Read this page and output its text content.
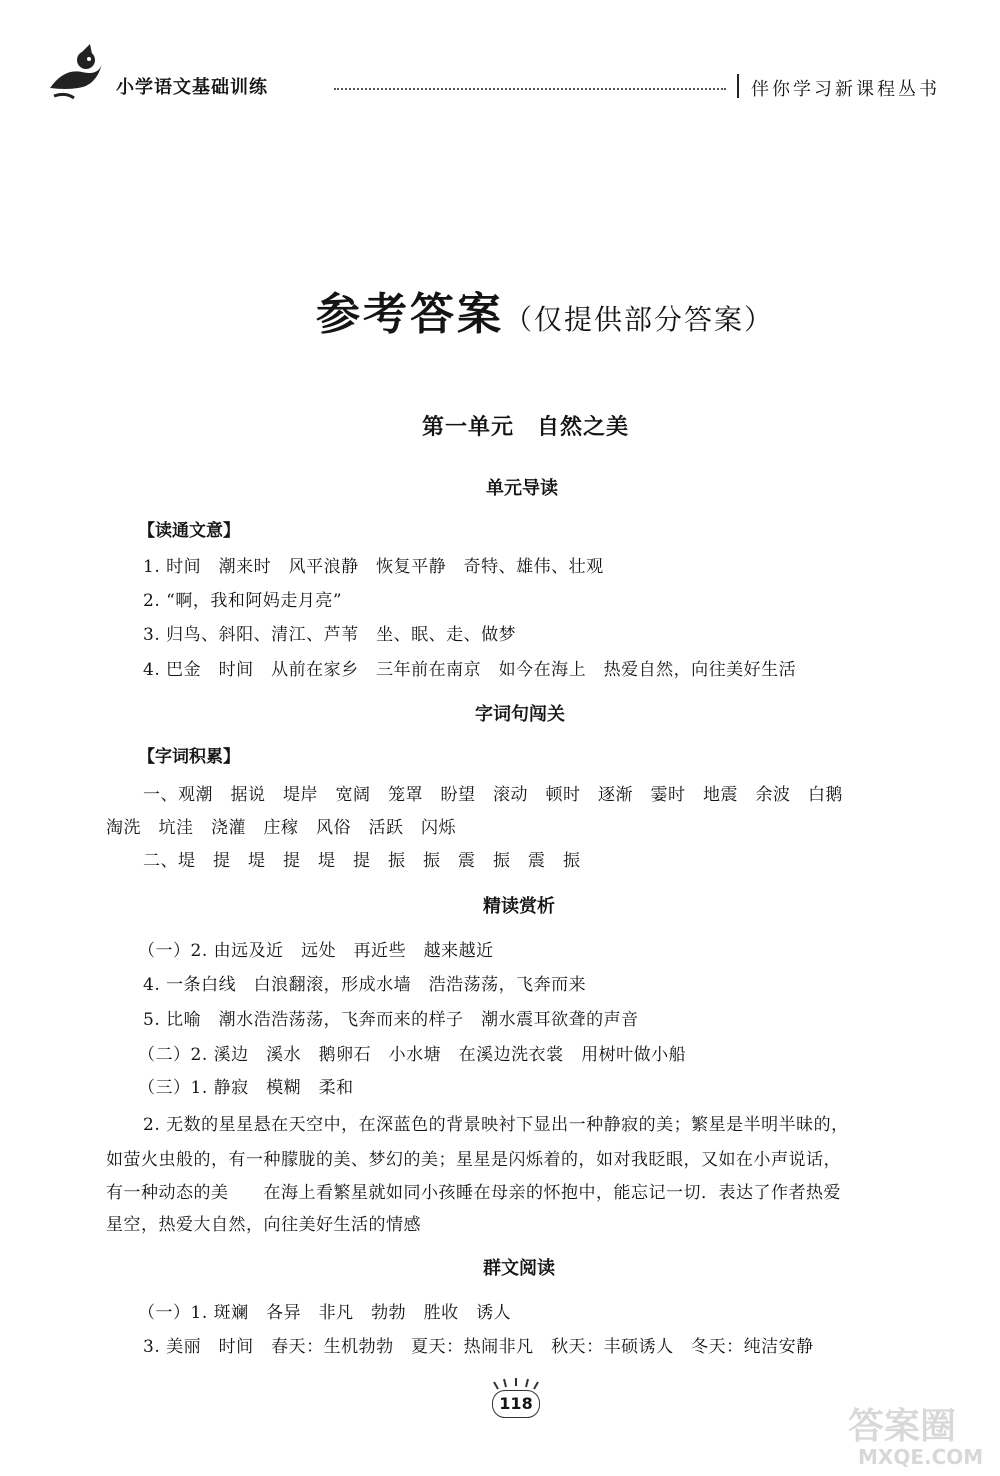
小学语文基础训练	伴你学习新课程丛书
参考答案（仅提供部分答案）
第一单元　自然之美
单元导读
【读通文意】
1. 时间　潮来时　风平浪静　恢复平静　奇特、雄伟、壮观
2. “啊，我和阿妈走月亮”
3. 归鸟、斜阳、清江、芦苇　坐、眠、走、做梦
4. 巴金　时间　从前在家乡　三年前在南京　如今在海上　热爱自然，向往美好生活
字词句闯关
【字词积累】
一、观潮　据说　堤岸　宽阔　笼罩　盼望　滚动　顿时　逐渐　霎时　地震　余波　白鹅
淘洗　坑洼　浇灌　庄稼　风俗　活跃　闪烁
二、堤　提　堤　提　堤　提　振　振　震　振　震　振
精读赏析
（一）2. 由远及近　远处　再近些　越来越近
4. 一条白线　白浪翻滚，形成水墙　浩浩荡荡，飞奔而来
5. 比喻　潮水浩浩荡荡，飞奔而来的样子　潮水震耳欲聋的声音
（二）2. 溪边　溪水　鹅卵石　小水塘　在溪边洗衣裳　用树叶做小船
（三）1. 静寂　模糊　柔和
2. 无数的星星悬在天空中，在深蓝色的背景映衬下显出一种静寂的美；繁星是半明半昧的，
如萤火虫般的，有一种朦胧的美、梦幻的美；星星是闪烁着的，如对我眨眼，又如在小声说话，
有一种动态的美　　在海上看繁星就如同小孩睡在母亲的怀抱中，能忘记一切．表达了作者热爱
星空，热爱大自然，向往美好生活的情感
群文阅读
（一）1. 斑斓　各异　非凡　勃勃　胜收　诱人
3. 美丽　时间　春天：生机勃勃　夏天：热闹非凡　秋天：丰硕诱人　冬天：纯洁安静
118
答案圈
MXQE.COM
